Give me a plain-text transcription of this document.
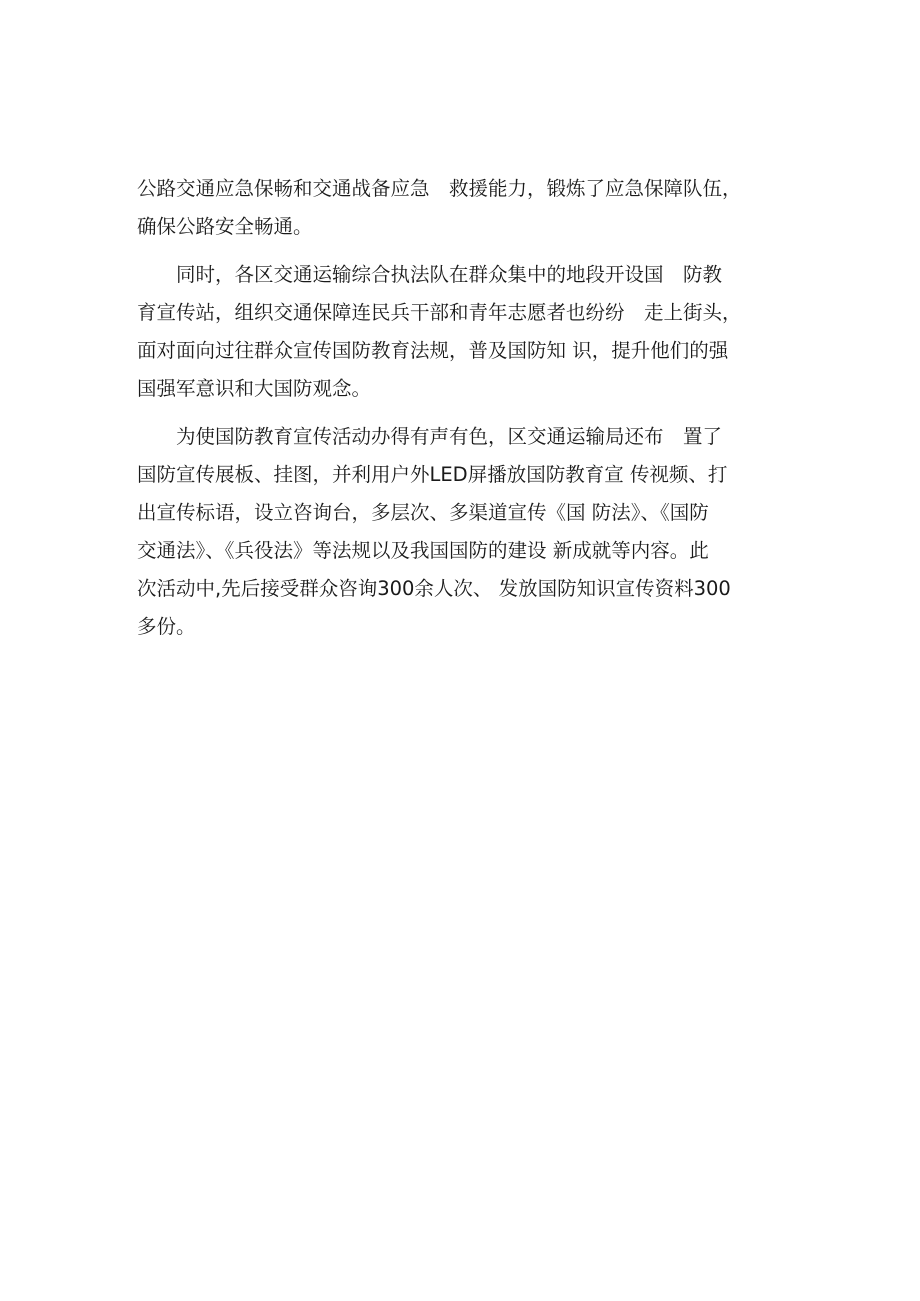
公路交通应急保畅和交通战备应急　救援能力，锻炼了应急保障队伍，
确保公路安全畅通。
　　同时，各区交通运输综合执法队在群众集中的地段开设国　防教
育宣传站，组织交通保障连民兵干部和青年志愿者也纷纷　走上街头，
面对面向过往群众宣传国防教育法规，普及国防知 识，提升他们的强
国强军意识和大国防观念。
　　为使国防教育宣传活动办得有声有色，区交通运输局还布　置了
国防宣传展板、挂图，并利用户外LED屏播放国防教育宣 传视频、打
出宣传标语，设立咨询台，多层次、多渠道宣传《国 防法》、《国防
交通法》、《兵役法》等法规以及我国国防的建设 新成就等内容。此
次活动中,先后接受群众咨询300余人次、 发放国防知识宣传资料300
多份。
